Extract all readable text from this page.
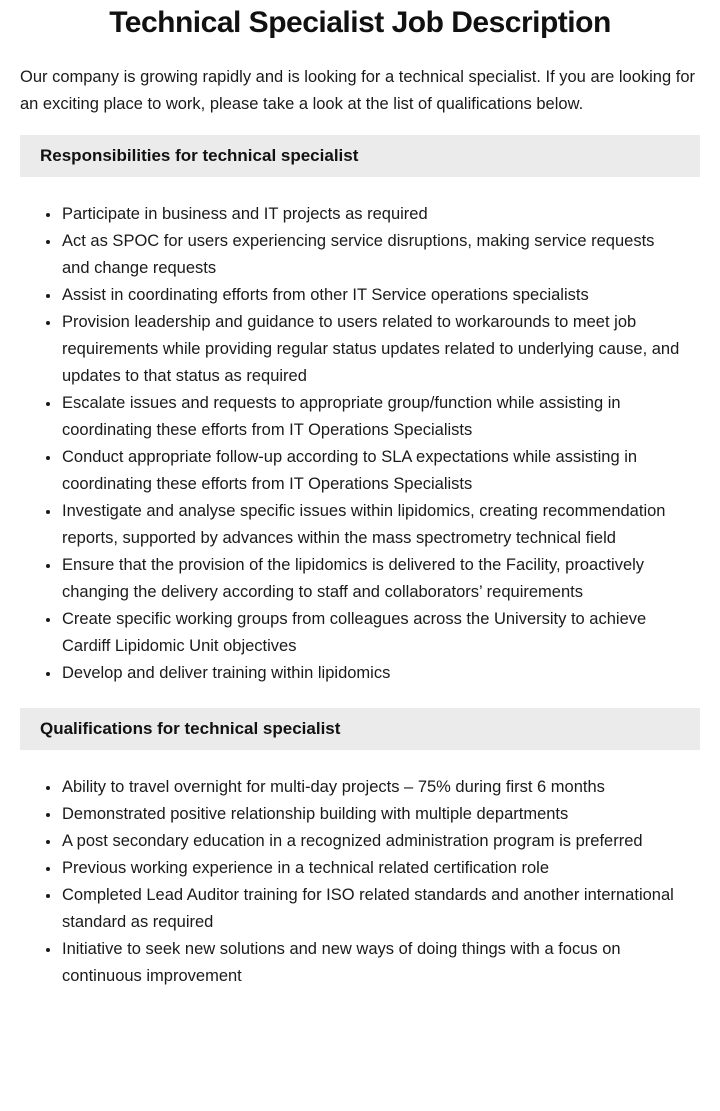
Technical Specialist Job Description

Our company is growing rapidly and is looking for a technical specialist. If you are looking for an exciting place to work, please take a look at the list of qualifications below.

Responsibilities for technical specialist
• Participate in business and IT projects as required
• Act as SPOC for users experiencing service disruptions, making service requests and change requests
• Assist in coordinating efforts from other IT Service operations specialists
• Provision leadership and guidance to users related to workarounds to meet job requirements while providing regular status updates related to underlying cause, and updates to that status as required
• Escalate issues and requests to appropriate group/function while assisting in coordinating these efforts from IT Operations Specialists
• Conduct appropriate follow-up according to SLA expectations while assisting in coordinating these efforts from IT Operations Specialists
• Investigate and analyse specific issues within lipidomics, creating recommendation reports, supported by advances within the mass spectrometry technical field
• Ensure that the provision of the lipidomics is delivered to the Facility, proactively changing the delivery according to staff and collaborators’ requirements
• Create specific working groups from colleagues across the University to achieve Cardiff Lipidomic Unit objectives
• Develop and deliver training within lipidomics
Qualifications for technical specialist
• Ability to travel overnight for multi-day projects – 75% during first 6 months
• Demonstrated positive relationship building with multiple departments
• A post secondary education in a recognized administration program is preferred
• Previous working experience in a technical related certification role
• Completed Lead Auditor training for ISO related standards and another international standard as required
• Initiative to seek new solutions and new ways of doing things with a focus on continuous improvement
